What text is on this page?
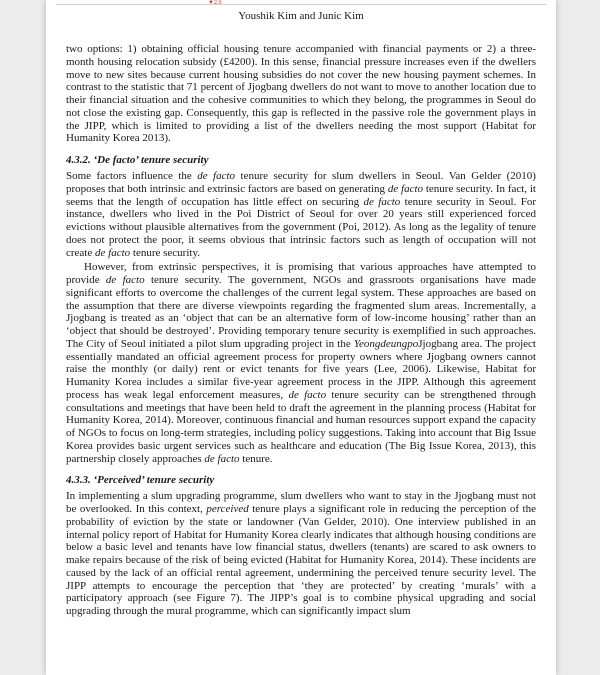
▼2.0
Youshik Kim and Junic Kim

two options: 1) obtaining official housing tenure accompanied with financial payments or 2) a three-month housing relocation subsidy (£4200). In this sense, financial pressure increases even if the dwellers move to new sites because current housing subsidies do not cover the new housing payment schemes. In contrast to the statistic that 71 percent of Jjogbang dwellers do not want to move to another location due to their financial situation and the cohesive communities to which they belong, the programmes in Seoul do not close the existing gap. Consequently, this gap is reflected in the passive role the government plays in the JIPP, which is limited to providing a list of the dwellers needing the most support (Habitat for Humanity Korea 2013).

4.3.2. ‘De facto’ tenure security

Some factors influence the de facto tenure security for slum dwellers in Seoul. Van Gelder (2010) proposes that both intrinsic and extrinsic factors are based on generating de facto tenure security. In fact, it seems that the length of occupation has little effect on securing de facto tenure security in Seoul. For instance, dwellers who lived in the Poi District of Seoul for over 20 years still experienced forced evictions without plausible alternatives from the government (Poi, 2012). As long as the legality of tenure does not protect the poor, it seems obvious that intrinsic factors such as length of occupation will not create de facto tenure security.

However, from extrinsic perspectives, it is promising that various approaches have attempted to provide de facto tenure security. The government, NGOs and grassroots organisations have made significant efforts to overcome the challenges of the current legal system. These approaches are based on the assumption that there are diverse viewpoints regarding the fragmented slum areas. Incrementally, a Jjogbang is treated as an ‘object that can be an alternative form of low-income housing’ rather than an ‘object that should be destroyed’. Providing temporary tenure security is exemplified in such approaches. The City of Seoul initiated a pilot slum upgrading project in the YeongdeungpoJjogbang area. The project essentially mandated an official agreement process for property owners where Jjogbang owners cannot raise the monthly (or daily) rent or evict tenants for five years (Lee, 2006). Likewise, Habitat for Humanity Korea includes a similar five-year agreement process in the JIPP. Although this agreement process has weak legal enforcement measures, de facto tenure security can be strengthened through consultations and meetings that have been held to draft the agreement in the planning process (Habitat for Humanity Korea, 2014). Moreover, continuous financial and human resources support expand the capacity of NGOs to focus on long-term strategies, including policy suggestions. Taking into account that Big Issue Korea provides basic urgent services such as healthcare and education (The Big Issue Korea, 2013), this partnership closely approaches de facto tenure.

4.3.3. ‘Perceived’ tenure security

In implementing a slum upgrading programme, slum dwellers who want to stay in the Jjogbang must not be overlooked. In this context, perceived tenure plays a significant role in reducing the perception of the probability of eviction by the state or landowner (Van Gelder, 2010). One interview published in an internal policy report of Habitat for Humanity Korea clearly indicates that although housing conditions are below a basic level and tenants have low financial status, dwellers (tenants) are scared to ask owners to make repairs because of the risk of being evicted (Habitat for Humanity Korea, 2014). These incidents are caused by the lack of an official rental agreement, undermining the perceived tenure security level. The JIPP attempts to encourage the perception that ‘they are protected’ by creating ‘murals’ with a participatory approach (see Figure 7). The JIPP’s goal is to combine physical upgrading and social upgrading through the mural programme, which can significantly impact slum
